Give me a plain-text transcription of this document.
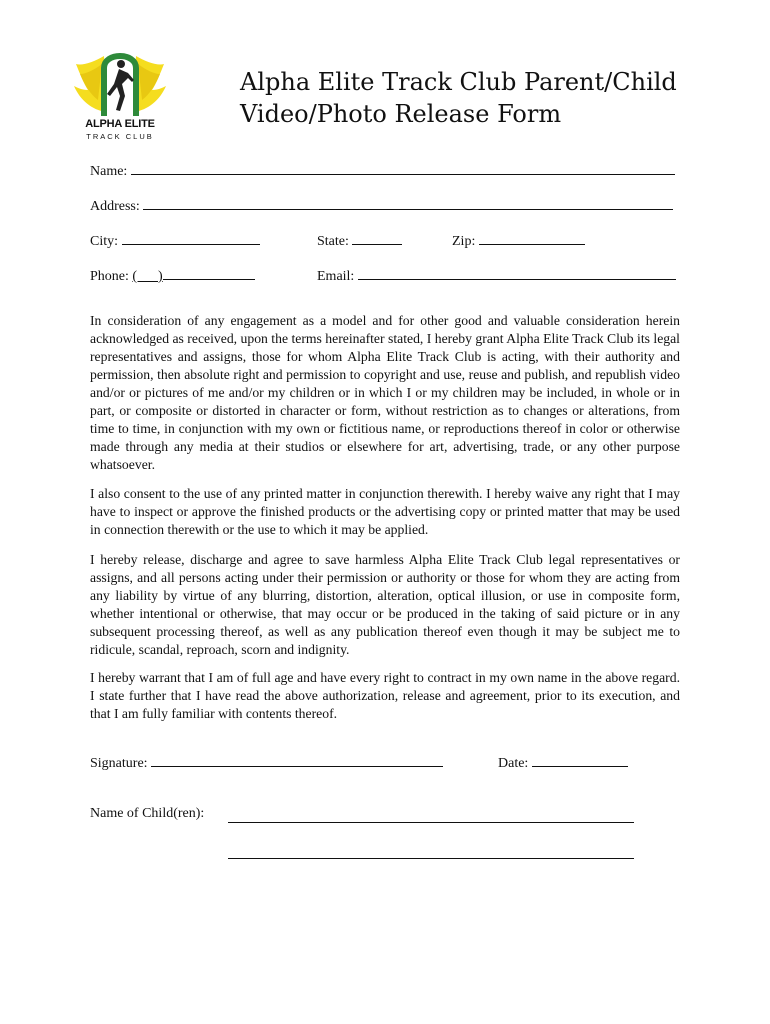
ALPHA ELITE
TRACK CLUB
Alpha Elite Track Club Parent/Child
Video/Photo Release Form
Name:
Address:
City:	State:	Zip:
Phone: (      )	Email:

In consideration of any engagement as a model and for other good and valuable consideration herein acknowledged as received, upon the terms hereinafter stated, I hereby grant Alpha Elite Track Club its legal representatives and assigns, those for whom Alpha Elite Track Club is acting, with their authority and permission, then absolute right and permission to copyright and use, reuse and publish, and republish video and/or or pictures of me and/or my children or in which I or my children may be included, in whole or in part, or composite or distorted in character or form, without restriction as to changes or alterations, from time to time, in conjunction with my own or fictitious name, or reproductions thereof in color or otherwise made through any media at their studios or elsewhere for art, advertising, trade, or any other purpose whatsoever.

I also consent to the use of any printed matter in conjunction therewith. I hereby waive any right that I may have to inspect or approve the finished products or the advertising copy or printed matter that may be used in connection therewith or the use to which it may be applied.

I hereby release, discharge and agree to save harmless Alpha Elite Track Club legal representatives or assigns, and all persons acting under their permission or authority or those for whom they are acting from any liability by virtue of any blurring, distortion, alteration, optical illusion, or use in composite form, whether intentional or otherwise, that may occur or be produced in the taking of said picture or in any subsequent processing thereof, as well as any publication thereof even though it may be subject me to ridicule, scandal, reproach, scorn and indignity.

I hereby warrant that I am of full age and have every right to contract in my own name in the above regard. I state further that I have read the above authorization, release and agreement, prior to its execution, and that I am fully familiar with contents thereof.

Signature:	Date:
Name of Child(ren):
